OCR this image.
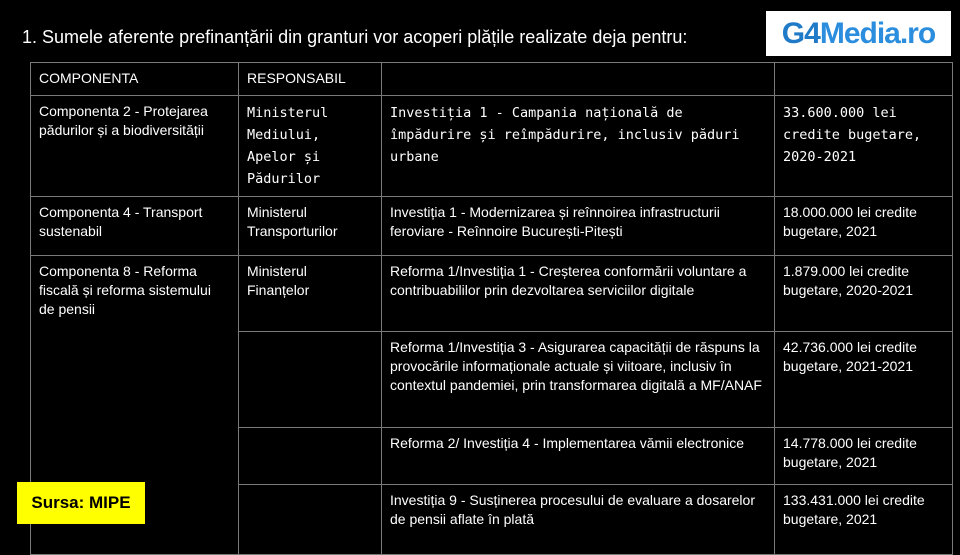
1. Sumele aferente prefinanțării din granturi vor acoperi plățile realizate deja pentru:	G4 Media.ro
COMPONENTA	RESPONSABIL		
Componenta 2 - Protejarea pădurilor și a biodiversității	Ministerul Mediului, Apelor și Pădurilor	Investiția 1 - Campania națională de împădurire și reîmpădurire, inclusiv păduri urbane	33.600.000 lei credite bugetare, 2020-2021
Componenta 4 - Transport sustenabil	Ministerul Transporturilor	Investiția 1 - Modernizarea și reînnoirea infrastructurii feroviare - Reînnoire București-Pitești	18.000.000 lei credite bugetare, 2021
Componenta 8 - Reforma fiscală și reforma sistemului de pensii	Ministerul Finanțelor	Reforma 1/Investiția 1 - Creșterea conformării voluntare a contribuabililor prin dezvoltarea serviciilor digitale	1.879.000 lei credite bugetare, 2020-2021
		Reforma 1/Investiția 3 - Asigurarea capacității de răspuns la provocările informaționale actuale și viitoare, inclusiv în contextul pandemiei, prin transformarea digitală a MF/ANAF	42.736.000 lei credite bugetare, 2021-2021
		Reforma 2/ Investiția 4 - Implementarea vămii electronice	14.778.000 lei credite bugetare, 2021
		Investiția 9 - Susținerea procesului de evaluare a dosarelor de pensii aflate în plată	133.431.000 lei credite bugetare, 2021
Sursa: MIPE
